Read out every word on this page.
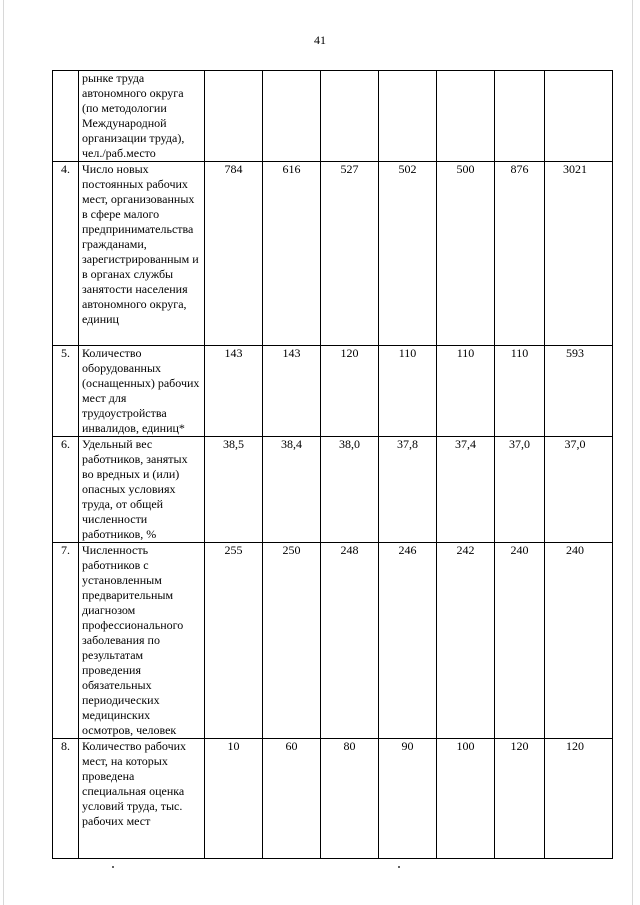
41
	рынке труда автономного округа (по методологии Международной организации труда), чел./раб.место							
4.	Число новых постоянных рабочих мест, организованных в сфере малого предпринимательства гражданами, зарегистрированным и в органах службы занятости населения автономного округа, единиц	784	616	527	502	500	876	3021
5.	Количество оборудованных (оснащенных) рабочих мест для трудоустройства инвалидов, единиц*	143	143	120	110	110	110	593
6.	Удельный вес работников, занятых во вредных и (или) опасных условиях труда, от общей численности работников, %	38,5	38,4	38,0	37,8	37,4	37,0	37,0
7.	Численность работников с установленным предварительным диагнозом профессионального заболевания по результатам проведения обязательных периодических медицинских осмотров, человек	255	250	248	246	242	240	240
8.	Количество рабочих мест, на которых проведена специальная оценка условий труда, тыс. рабочих мест	10	60	80	90	100	120	120
